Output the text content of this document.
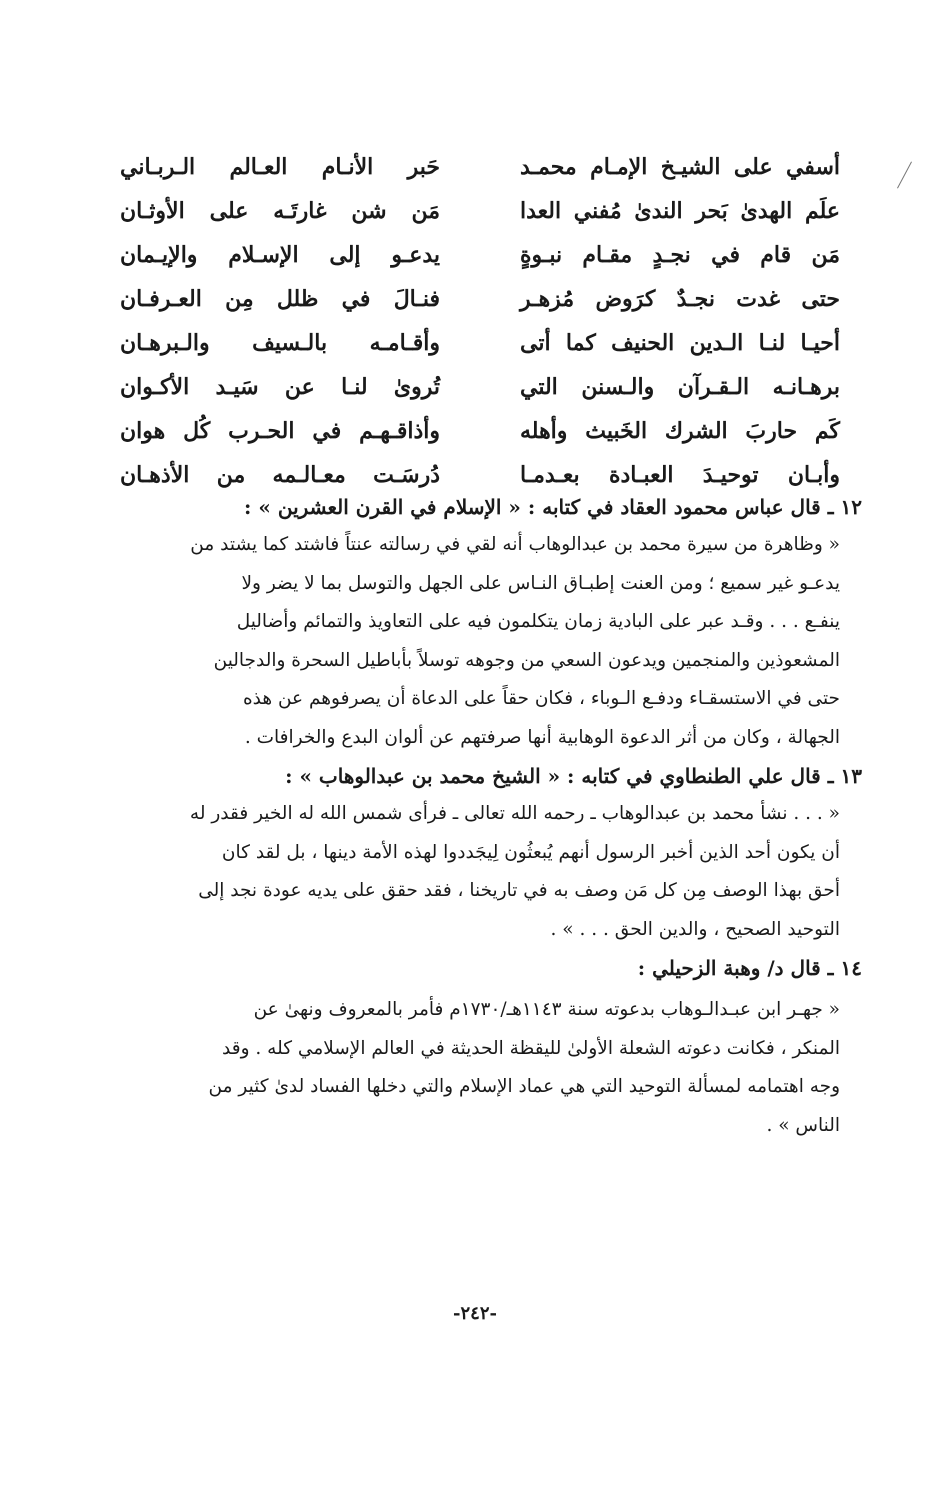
أسفي على الشيـخ الإمـام محمـد
حَبر الأنـام العـالم الـربـاني
علَم الهدىٰ بَحر الندىٰ مُفني العدا
مَن شن غارتَـه على الأوثـان
مَن قام في نجـدٍ مقـام نبـوةٍ
يدعـو إلى الإسـلام والإيـمان
حتى غدت نجـدٌ كرَوض مُزهـر
فنـالَ في ظلل مِن العـرفـان
أحيـا لنـا الـدين الحنيف كما أتى
وأقـامـه بالـسيف والـبرهـان
برهـانـه الـقـرآن والـسنن التي
تُروىٰ لنـا عن سَيـد الأكـوان
كَم حاربَ الشرك الخَبيث وأهله
وأذاقـهـم في الحـرب كُل هوان
وأبـان توحيـدَ العبـادة بعـدمـا
دُرسَـت معـالـمه من الأذهـان
١٢ ـ قال عباس محمود العقاد في كتابه : « الإسلام في القرن العشرين » :

« وظاهرة من سيرة محمد بن عبدالوهاب أنه لقي في رسالته عنتاً فاشتد كما يشتد من

يدعـو غير سميع ؛ ومن العنت إطبـاق النـاس على الجهل والتوسل بما لا يضر ولا

ينفـع . . . وقـد عبر على البادية زمان يتكلمون فيه على التعاويذ والتمائم وأضاليل

المشعوذين والمنجمين ويدعون السعي من وجوهه توسلاً بأباطيل السحرة والدجالين

حتى في الاستسقـاء ودفـع الـوباء ، فكان حقاً على الدعاة أن يصرفوهم عن هذه

الجهالة ، وكان من أثر الدعوة الوهابية أنها صرفتهم عن ألوان البدع والخرافات .

١٣ ـ قال علي الطنطاوي في كتابه : « الشيخ محمد بن عبدالوهاب » :

« . . . نشأ محمد بن عبدالوهاب ـ رحمه الله تعالى ـ فرأى شمس الله له الخير فقدر له

أن يكون أحد الذين أخبر الرسول أنهم يُبعثُون لِيجَددوا لهذه الأمة دينها ، بل لقد كان

أحق بهذا الوصف مِن كل مَن وصف به في تاريخنا ، فقد حقق على يديه عودة نجد إلى

التوحيد الصحيح ، والدين الحق . . . » .

١٤ ـ قال د/ وهبة الزحيلي :

« جهـر ابن عبـدالـوهاب بدعوته سنة ١١٤٣هـ/١٧٣٠م فأمر بالمعروف ونهىٰ عن

المنكر ، فكانت دعوته الشعلة الأولىٰ لليقظة الحديثة في العالم الإسلامي كله . وقد

وجه اهتمامه لمسألة التوحيد التي هي عماد الإسلام والتي دخلها الفساد لدىٰ كثير من

الناس » .

-٢٤٢-
